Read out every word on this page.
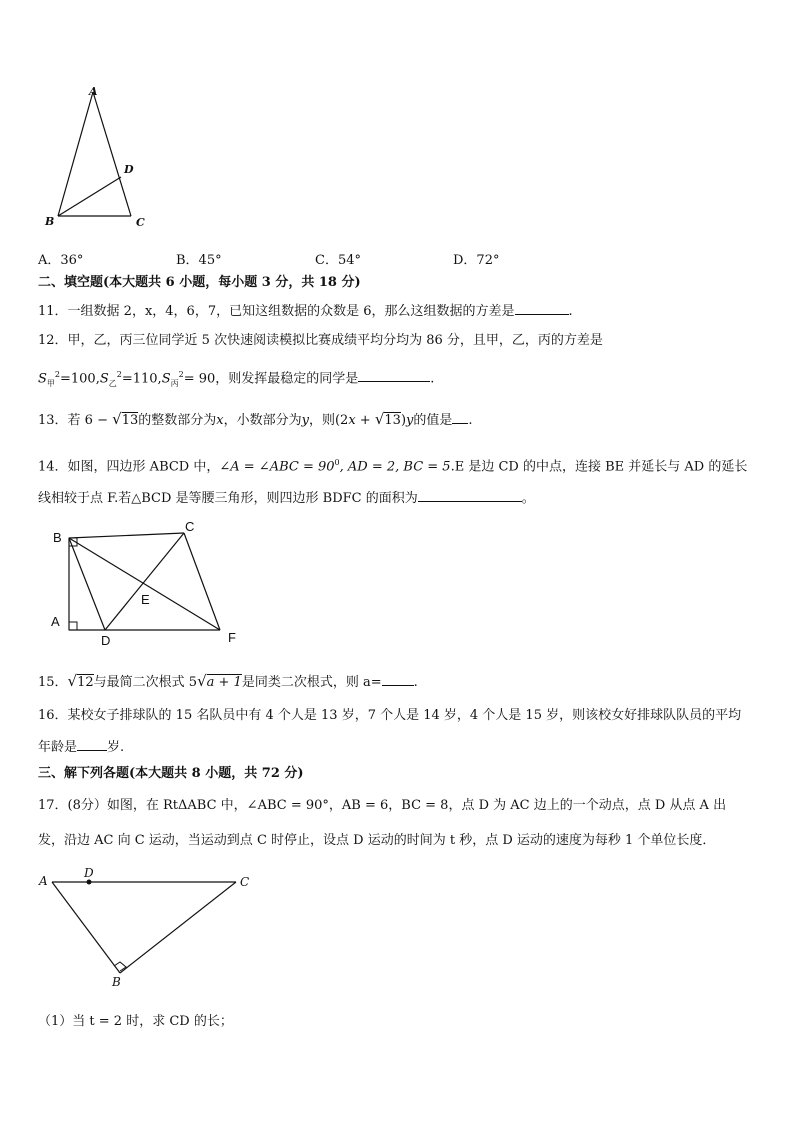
A
B	C
D
A．36°	B．45°	C．54°	D．72°
二、填空题(本大题共 6 小题，每小题 3 分，共 18 分)
11．一组数据 2，x，4，6，7，已知这组数据的众数是 6，那么这组数据的方差是	.
12．甲，乙，丙三位同学近 5 次快速阅读模拟比赛成绩平均分均为 86 分，且甲，乙，丙的方差是
$S_甲^2=100,S_乙^2=110,S_丙^2= 90$，则发挥最稳定的同学是	.
13．若 6 − √13的整数部分为x，小数部分为y，则(2x + √13)y的值是 .
14．如图，四边形 ABCD 中，∠A = ∠ABC = $90^0$, AD = 2, BC = 5.E 是边 CD 的中点，连接 BE 并延长与 AD 的延长
线相较于点 F.若△BCD 是等腰三角形，则四边形 BDFC 的面积为	。
B
C
A
D
E
F
15．√12与最简二次根式 5√a + 1是同类二次根式，则 a= .
16．某校女子排球队的 15 名队员中有 4 个人是 13 岁，7 个人是 14 岁，4 个人是 15 岁，则该校女好排球队队员的平均
年龄是 岁.
三、解下列各题(本大题共 8 小题，共 72 分)
17．(8分）如图，在 RtΔABC 中，∠ABC = 90°，AB = 6，BC = 8，点 D 为 AC 边上的一个动点，点 D 从点 A 出
发，沿边 AC 向 C 运动，当运动到点 C 时停止，设点 D 运动的时间为 t 秒，点 D 运动的速度为每秒 1 个单位长度．
A
D
C
B
（1）当 t = 2 时，求 CD 的长；
